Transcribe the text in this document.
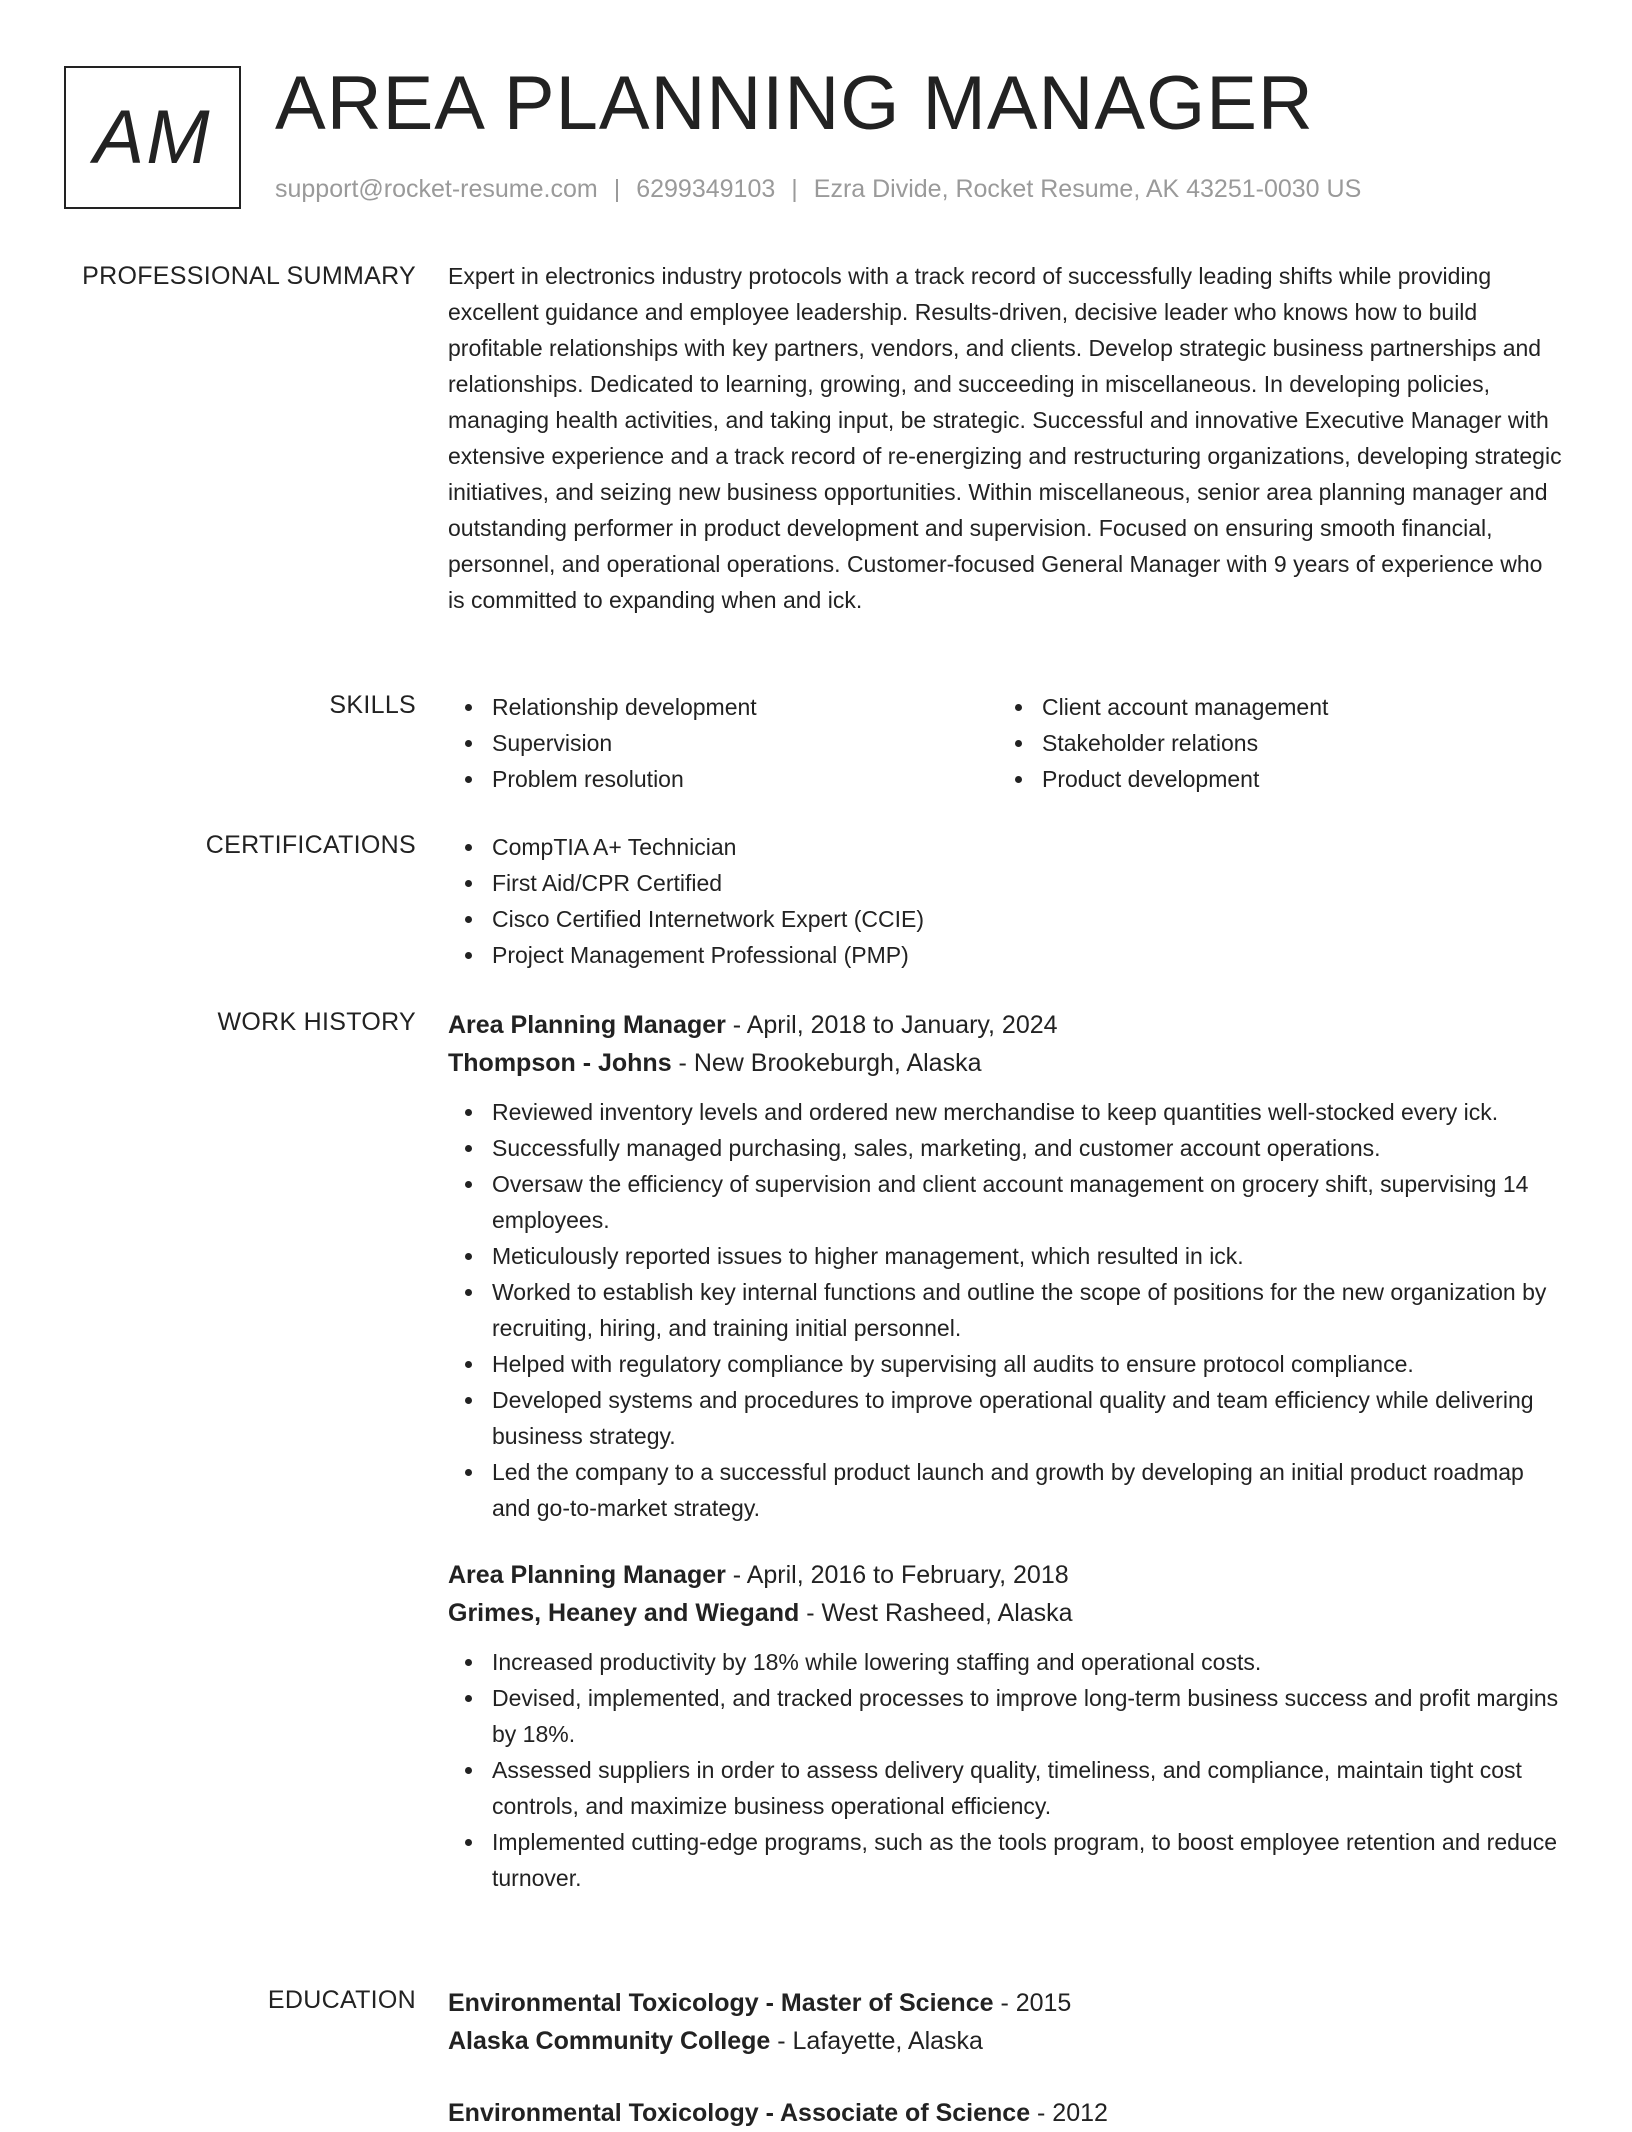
AM AREA PLANNING MANAGER
support@rocket-resume.com | 6299349103 | Ezra Divide, Rocket Resume, AK 43251-0030 US
PROFESSIONAL SUMMARY Expert in electronics industry protocols with a track record of successfully leading shifts while providing excellent guidance and employee leadership. Results-driven, decisive leader who knows how to build profitable relationships with key partners, vendors, and clients. Develop strategic business partnerships and relationships. Dedicated to learning, growing, and succeeding in miscellaneous. In developing policies, managing health activities, and taking input, be strategic. Successful and innovative Executive Manager with extensive experience and a track record of re-energizing and restructuring organizations, developing strategic initiatives, and seizing new business opportunities. Within miscellaneous, senior area planning manager and outstanding performer in product development and supervision. Focused on ensuring smooth financial, personnel, and operational operations. Customer-focused General Manager with 9 years of experience who is committed to expanding when and ick.
SKILLS	Relationship development
Supervision
Problem resolution
Client account management
Stakeholder relations
Product development
CERTIFICATIONS	CompTIA A+ Technician
First Aid/CPR Certified
Cisco Certified Internetwork Expert (CCIE)
Project Management Professional (PMP)
WORK HISTORY Area Planning Manager - April, 2018 to January, 2024
Thompson - Johns - New Brookeburgh, Alaska
Reviewed inventory levels and ordered new merchandise to keep quantities well-stocked every ick.
Successfully managed purchasing, sales, marketing, and customer account operations.
Oversaw the efficiency of supervision and client account management on grocery shift, supervising 14 employees.
Meticulously reported issues to higher management, which resulted in ick.
Worked to establish key internal functions and outline the scope of positions for the new organization by recruiting, hiring, and training initial personnel.
Helped with regulatory compliance by supervising all audits to ensure protocol compliance.
Developed systems and procedures to improve operational quality and team efficiency while delivering business strategy.
Led the company to a successful product launch and growth by developing an initial product roadmap and go-to-market strategy.
Area Planning Manager - April, 2016 to February, 2018
Grimes, Heaney and Wiegand - West Rasheed, Alaska
Increased productivity by 18% while lowering staffing and operational costs.
Devised, implemented, and tracked processes to improve long-term business success and profit margins by 18%.
Assessed suppliers in order to assess delivery quality, timeliness, and compliance, maintain tight cost controls, and maximize business operational efficiency.
Implemented cutting-edge programs, such as the tools program, to boost employee retention and reduce turnover.
EDUCATION Environmental Toxicology - Master of Science - 2015
Alaska Community College - Lafayette, Alaska
Environmental Toxicology - Associate of Science - 2012
